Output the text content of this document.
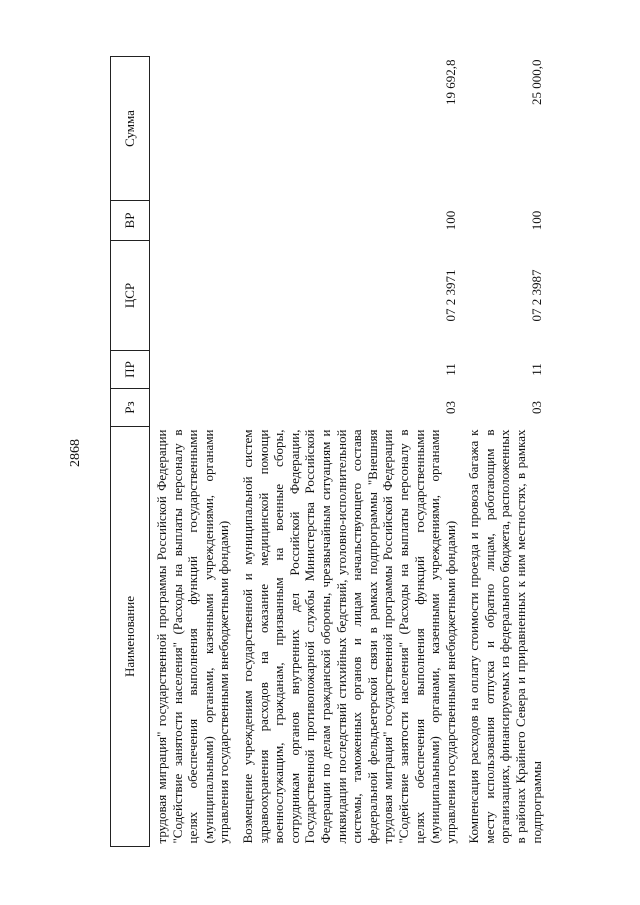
2868
Наименование	Рз	ПР	ЦСР	ВР	Сумма
трудовая миграция" государственной программы Российской Федерации "Содействие занятости населения" (Расходы на выплаты персоналу в целях обеспечения выполнения функций государственными (муниципальными) органами, казенными учреждениями, органами управления государственными внебюджетными фондами)					
Возмещение учреждениям государственной и муниципальной систем здравоохранения расходов на оказание медицинской помощи военнослужащим, гражданам, призванным на военные сборы, сотрудникам органов внутренних дел Российской Федерации, Государственной противопожарной службы Министерства Российской Федерации по делам гражданской обороны, чрезвычайным ситуациям и ликвидации последствий стихийных бедствий, уголовно-исполнительной системы, таможенных органов и лицам начальствующего состава федеральной фельдъегерской связи в рамках подпрограммы "Внешняя трудовая миграция" государственной программы Российской Федерации "Содействие занятости населения" (Расходы на выплаты персоналу в целях обеспечения выполнения функций государственными (муниципальными) органами, казенными учреждениями, органами управления государственными внебюджетными фондами)	03	11	07 2 3971	100	19 692,8
Компенсация расходов на оплату стоимости проезда и провоза багажа к месту использования отпуска и обратно лицам, работающим в организациях, финансируемых из федерального бюджета, расположенных в районах Крайнего Севера и приравненных к ним местностях, в рамках подпрограммы	03	11	07 2 3987	100	25 000,0
